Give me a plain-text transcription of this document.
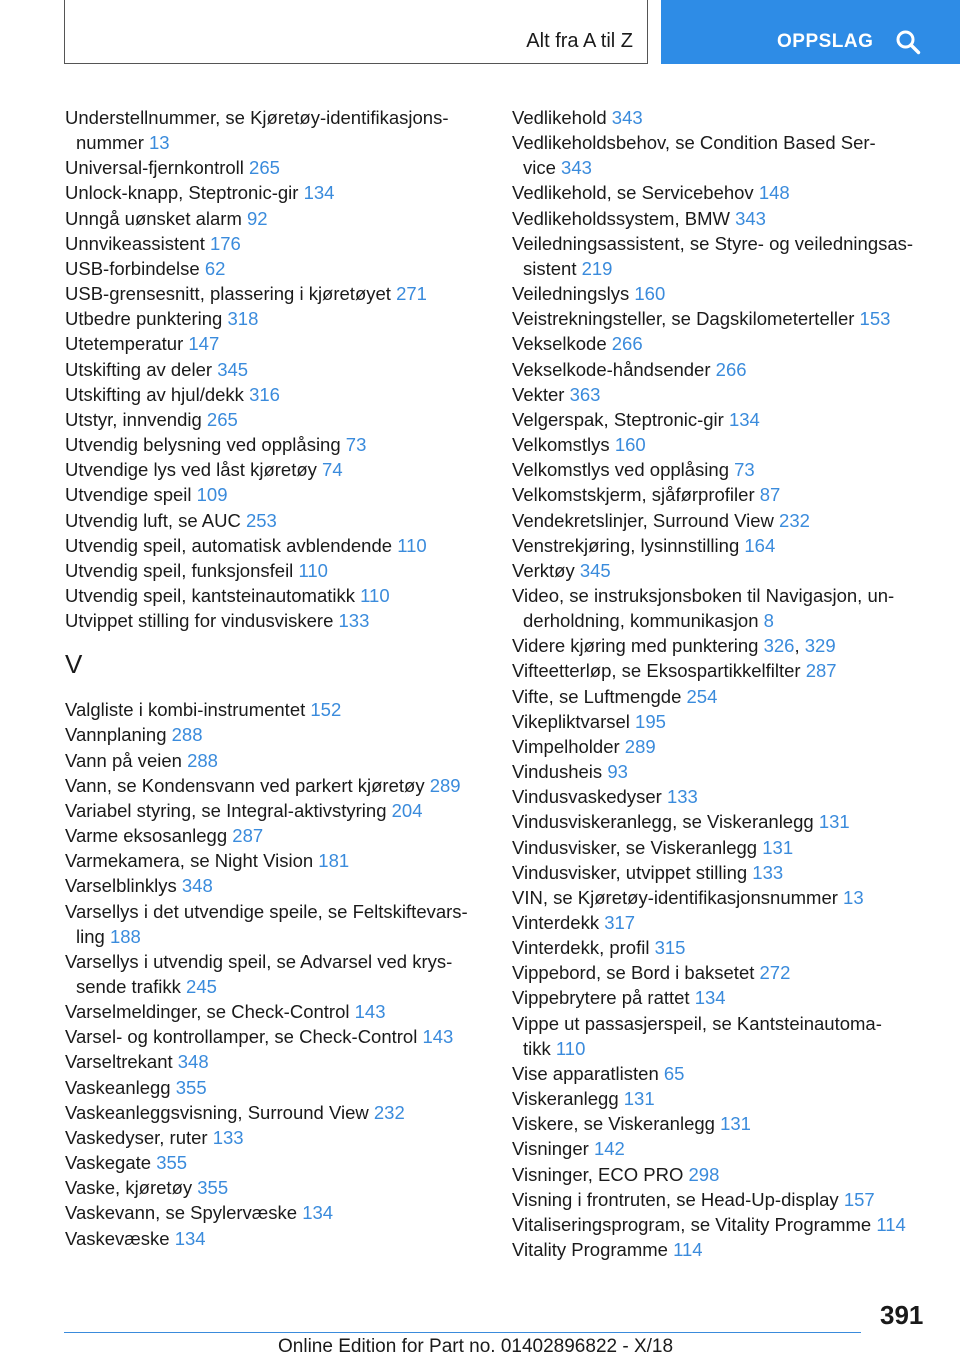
Alt fra A til Z	OPPSLAG
Understellnummer, se Kjøretøy-identifikasjons-
nummer 13
Universal-fjernkontroll 265
Unlock-knapp, Steptronic-gir 134
Unngå uønsket alarm 92
Unnvikeassistent 176
USB-forbindelse 62
USB-grensesnitt, plassering i kjøretøyet 271
Utbedre punktering 318
Utetemperatur 147
Utskifting av deler 345
Utskifting av hjul/dekk 316
Utstyr, innvendig 265
Utvendig belysning ved opplåsing 73
Utvendige lys ved låst kjøretøy 74
Utvendige speil 109
Utvendig luft, se AUC 253
Utvendig speil, automatisk avblendende 110
Utvendig speil, funksjonsfeil 110
Utvendig speil, kantsteinautomatikk 110
Utvippet stilling for vindusviskere 133
V
Valgliste i kombi-instrumentet 152
Vannplaning 288
Vann på veien 288
Vann, se Kondensvann ved parkert kjøretøy 289
Variabel styring, se Integral-aktivstyring 204
Varme eksosanlegg 287
Varmekamera, se Night Vision 181
Varselblinklys 348
Varsellys i det utvendige speile, se Feltskiftevars-
ling 188
Varsellys i utvendig speil, se Advarsel ved krys-
sende trafikk 245
Varselmeldinger, se Check-Control 143
Varsel- og kontrollamper, se Check-Control 143
Varseltrekant 348
Vaskeanlegg 355
Vaskeanleggsvisning, Surround View 232
Vaskedyser, ruter 133
Vaskegate 355
Vaske, kjøretøy 355
Vaskevann, se Spylervæske 134
Vaskevæske 134
Vedlikehold 343
Vedlikeholdsbehov, se Condition Based Ser-
vice 343
Vedlikehold, se Servicebehov 148
Vedlikeholdssystem, BMW 343
Veiledningsassistent, se Styre- og veiledningsas-
sistent 219
Veiledningslys 160
Veistrekningsteller, se Dagskilometerteller 153
Vekselkode 266
Vekselkode-håndsender 266
Vekter 363
Velgerspak, Steptronic-gir 134
Velkomstlys 160
Velkomstlys ved opplåsing 73
Velkomstskjerm, sjåførprofiler 87
Vendekretslinjer, Surround View 232
Venstrekjøring, lysinnstilling 164
Verktøy 345
Video, se instruksjonsboken til Navigasjon, un-
derholdning, kommunikasjon 8
Videre kjøring med punktering 326, 329
Vifteetterløp, se Eksospartikkelfilter 287
Vifte, se Luftmengde 254
Vikepliktvarsel 195
Vimpelholder 289
Vindusheis 93
Vindusvaskedyser 133
Vindusviskeranlegg, se Viskeranlegg 131
Vindusvisker, se Viskeranlegg 131
Vindusvisker, utvippet stilling 133
VIN, se Kjøretøy-identifikasjonsnummer 13
Vinterdekk 317
Vinterdekk, profil 315
Vippebord, se Bord i baksetet 272
Vippebrytere på rattet 134
Vippe ut passasjerspeil, se Kantsteinautoma-
tikk 110
Vise apparatlisten 65
Viskeranlegg 131
Viskere, se Viskeranlegg 131
Visninger 142
Visninger, ECO PRO 298
Visning i frontruten, se Head-Up-display 157
Vitaliseringsprogram, se Vitality Programme 114
Vitality Programme 114
391
Online Edition for Part no. 01402896822 - X/18
